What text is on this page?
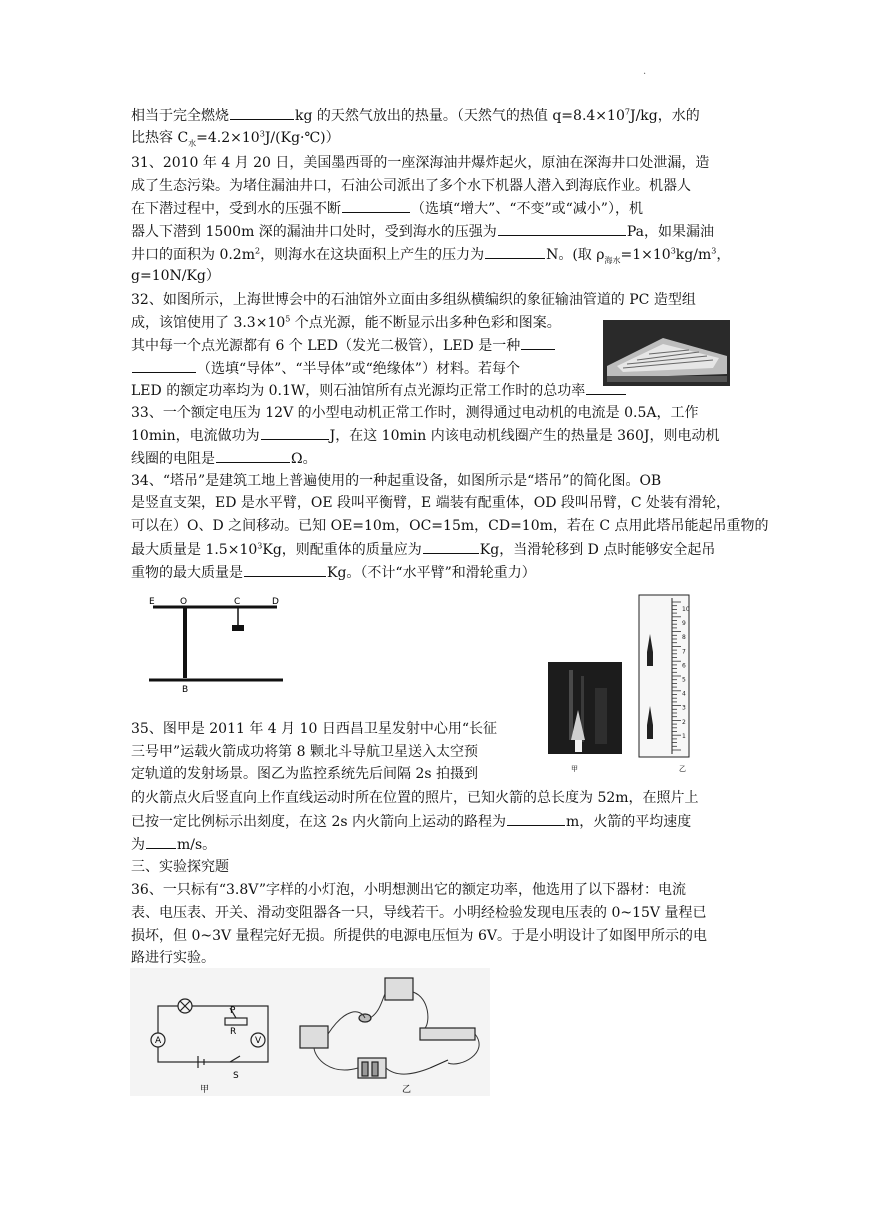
.
相当于完全燃烧	kg 的天然气放出的热量。（天然气的热值 $q=8.4\times 10^7J/kg$，水的
比热容 $C_水=4.2\times 10^3J/(Kg\cdot℃)$）
31、2010 年 4 月 20 日，美国墨西哥的一座深海油井爆炸起火，原油在深海井口处泄漏，造
成了生态污染。为堵住漏油井口，石油公司派出了多个水下机器人潜入到海底作业。机器人
在下潜过程中，受到水的压强不断	（选填“增大”、“不变”或“减小”），机
器人下潜到 1500m 深的漏油井口处时，受到海水的压强为	Pa，如果漏油
井口的面积为 $0.2m^2$，则海水在这块面积上产生的压力为	N。(取 $\rho_{海水}=1\times 10^3kg/m^3$，
g=10N/Kg）
32、如图所示，上海世博会中的石油馆外立面由多组纵横编织的象征输油管道的 PC 造型组
成，该馆使用了 $3.3\times 10^5$ 个点光源，能不断显示出多种色彩和图案。
其中每一个点光源都有 6 个 LED（发光二极管），LED 是一种
（选填“导体”、“半导体”或“绝缘体”）材料。若每个
LED 的额定功率均为 0.1W，则石油馆所有点光源均正常工作时的总功率
33、一个额定电压为 12V 的小型电动机正常工作时，测得通过电动机的电流是 0.5A，工作
10min，电流做功为	J，在这 10min 内该电动机线圈产生的热量是 360J，则电动机
线圈的电阻是	Ω。
34、“塔吊”是建筑工地上普遍使用的一种起重设备，如图所示是“塔吊”的简化图。OB
是竖直支架，ED 是水平臂，OE 段叫平衡臂，E 端装有配重体，OD 段叫吊臂，C 处装有滑轮，
可以在）O、D 之间移动。已知 OE=10m，OC=15m，CD=10m，若在 C 点用此塔吊能起吊重物的
最大质量是 $1.5\times 10^3Kg$，则配重体的质量应为	Kg，当滑轮移到 D 点时能够安全起吊
重物的最大质量是	Kg。（不计“水平臂”和滑轮重力）
E	O	C	D
B
甲
1
2
3
4
5
6
7
8
9
10
乙
35、图甲是 2011 年 4 月 10 日西昌卫星发射中心用“长征
三号甲”运载火箭成功将第 8 颗北斗导航卫星送入太空预
定轨道的发射场景。图乙为监控系统先后间隔 2s 拍摄到
的火箭点火后竖直向上作直线运动时所在位置的照片，已知火箭的总长度为 52m，在照片上
已按一定比例标示出刻度，在这 2s 内火箭向上运动的路程为	m，火箭的平均速度
为 m/s。
三、实验探究题
36、一只标有“3.8V”字样的小灯泡，小明想测出它的额定功率，他选用了以下器材：电流
表、电压表、开关、滑动变阻器各一只，导线若干。小明经检验发现电压表的 0~15V 量程已
损坏，但 0~3V 量程完好无损。所提供的电源电压恒为 6V。于是小明设计了如图甲所示的电
路进行实验。
A	V
P
R
S
甲	乙
